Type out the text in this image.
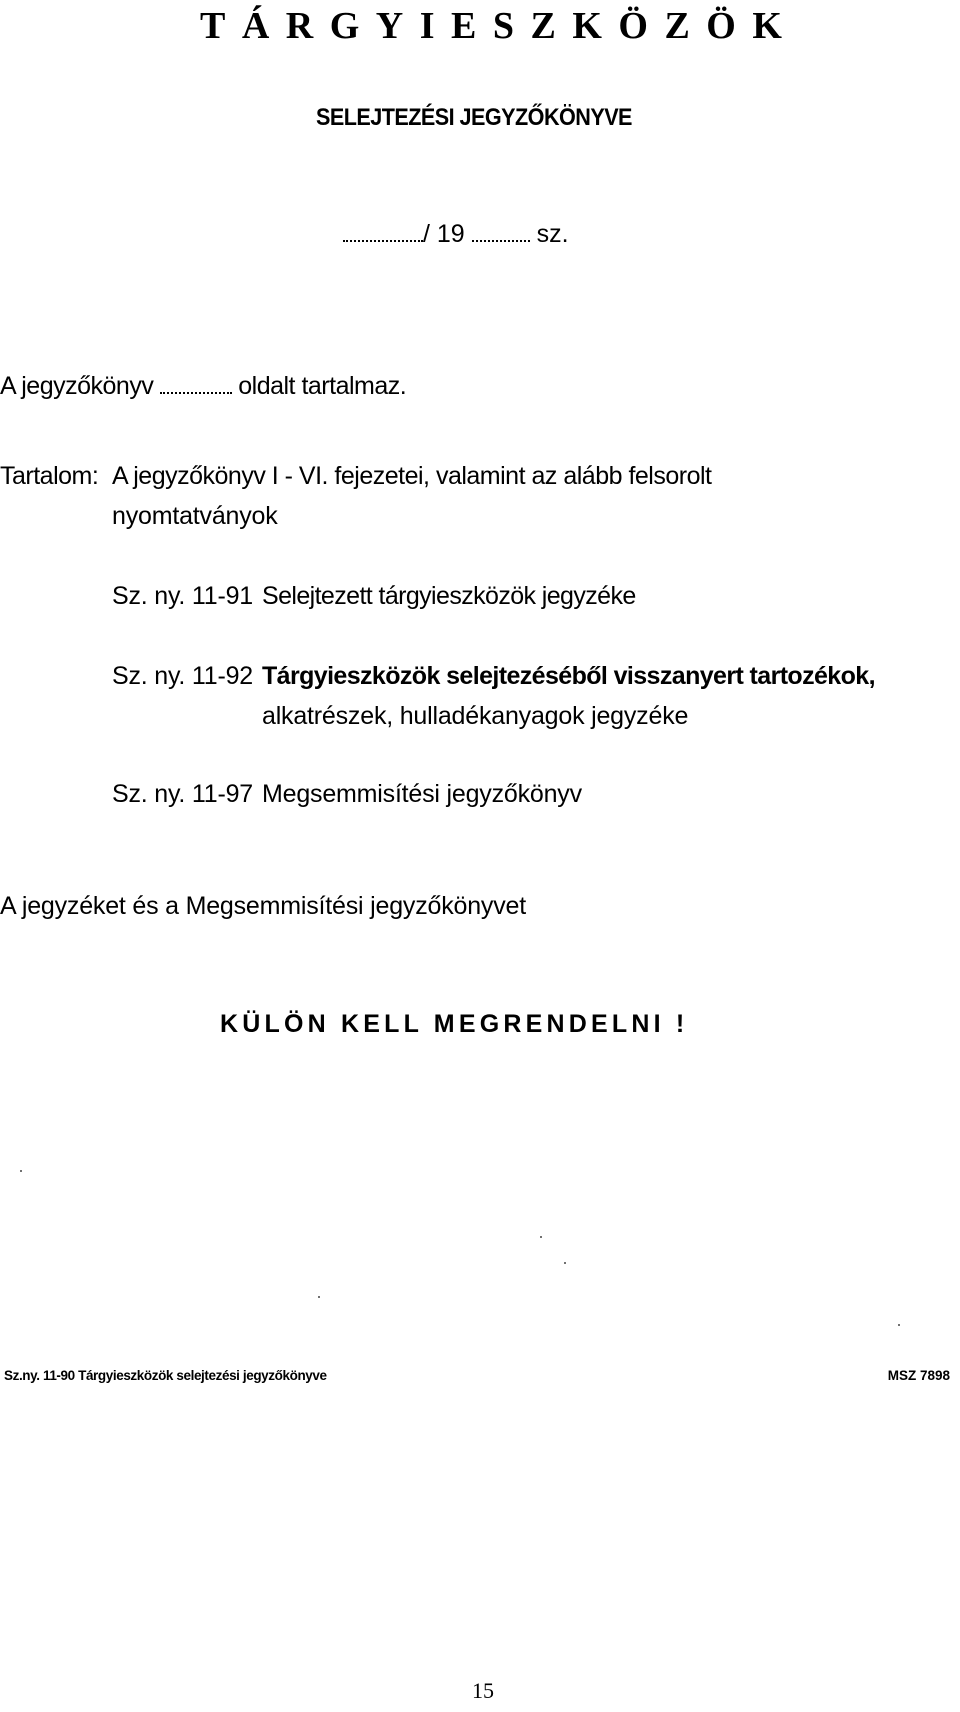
TÁRGYIESZKÖZÖK
SELEJTEZÉSI JEGYZŐKÖNYVE
/ 19	sz.
A jegyzőkönyv	oldalt tartalmaz.
Tartalom: A jegyzőkönyv I - VI. fejezetei, valamint az alább felsorolt
nyomtatványok
Sz. ny. 11-91 Selejtezett tárgyieszközök jegyzéke
Sz. ny. 11-92 Tárgyieszközök selejtezéséből visszanyert tartozékok,
alkatrészek, hulladékanyagok jegyzéke
Sz. ny. 11-97 Megsemmisítési jegyzőkönyv
A jegyzéket és a Megsemmisítési jegyzőkönyvet
KÜLÖN KELL MEGRENDELNI !
Sz.ny. 11-90 Tárgyieszközök selejtezési jegyzőkönyve	MSZ 7898
15
